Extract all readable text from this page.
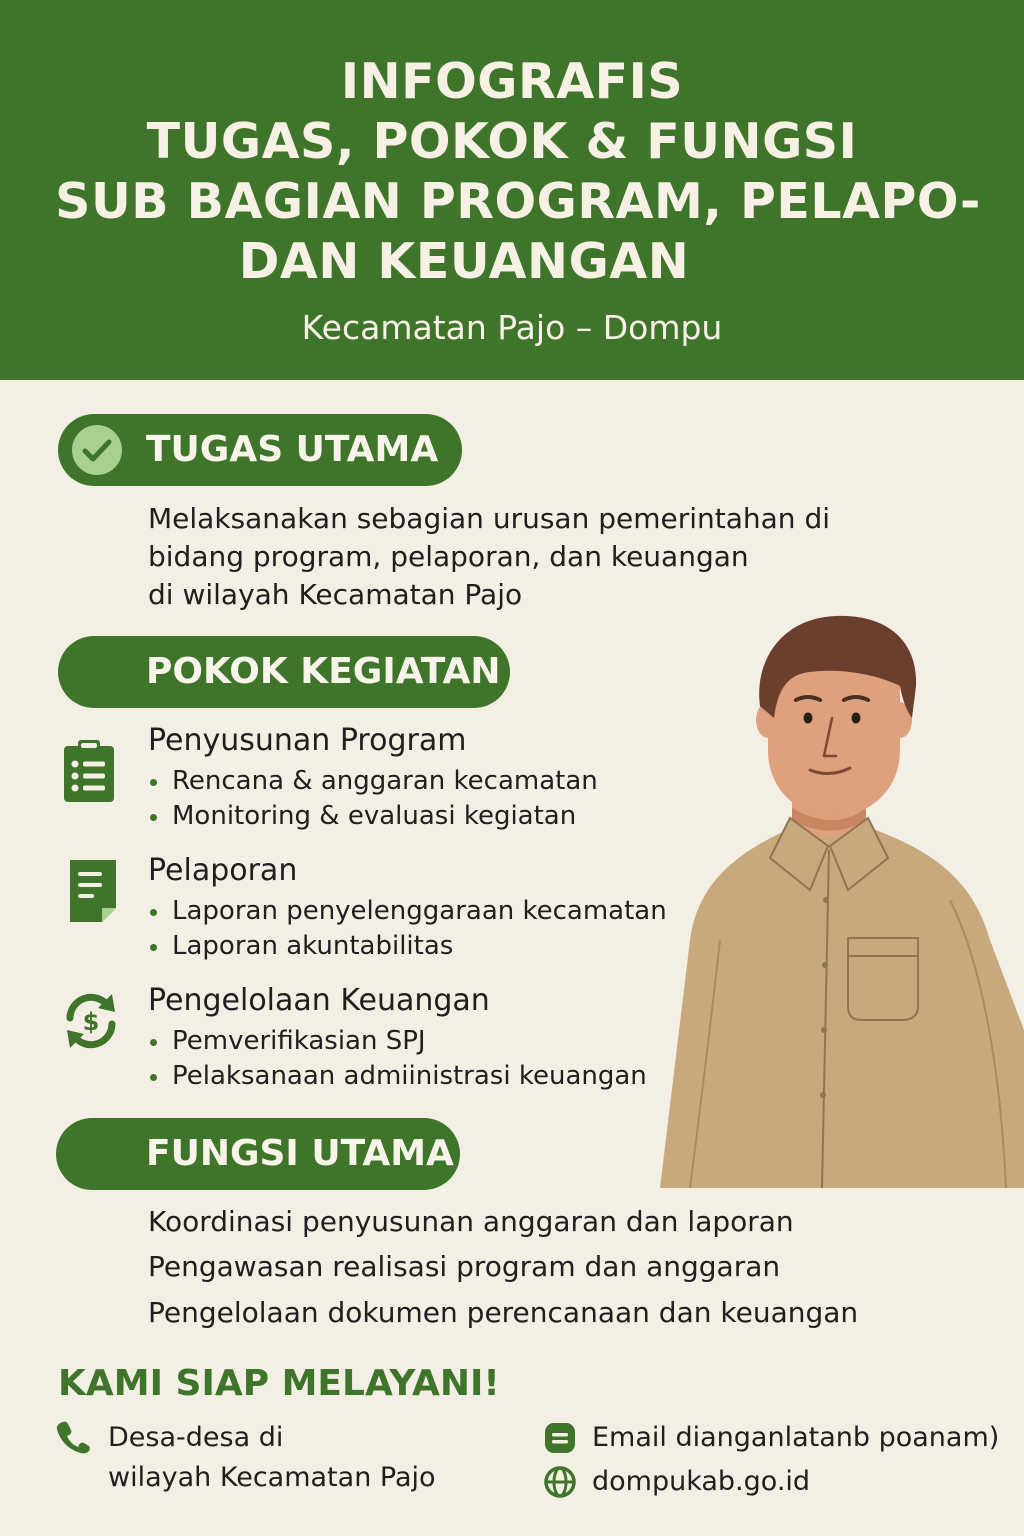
INFOGRAFIS
TUGAS, POKOK & FUNGSI
SUB BAGIAN PROGRAM, PELAPO-
DAN KEUANGAN
Kecamatan Pajo – Dompu
TUGAS UTAMA
Melaksanakan sebagian urusan pemerintahan di
bidang program, pelaporan, dan keuangan
di wilayah Kecamatan Pajo
POKOK KEGIATAN
Penyusunan Program
Rencana & anggaran kecamatan
Monitoring & evaluasi kegiatan
Pelaporan
Laporan penyelenggaraan kecamatan
Laporan akuntabilitas
$
Pengelolaan Keuangan
Pemverifikasian SPJ
Pelaksanaan admiinistrasi keuangan
FUNGSI UTAMA
Koordinasi penyusunan anggaran dan laporan
Pengawasan realisasi program dan anggaran
Pengelolaan dokumen perencanaan dan keuangan
KAMI SIAP MELAYANI!
Desa-desa di
wilayah Kecamatan Pajo
Email dianganlatanb poanam)
dompukab.go.id
